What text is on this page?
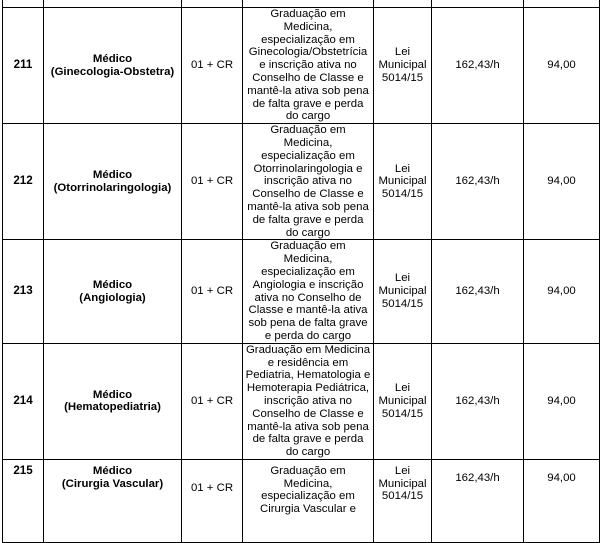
211	Médico
(Ginecologia-Obstetra)	01 + CR	Graduação em Medicina, especialização em Ginecologia/Obstetrícia e inscrição ativa no Conselho de Classe e mantê-la ativa sob pena de falta grave e perda do cargo	Lei
Municipal
5014/15	162,43/h	94,00
212	Médico
(Otorrinolaringologia)	01 + CR	Graduação em Medicina, especialização em Otorrinolaringologia e inscrição ativa no Conselho de Classe e mantê-la ativa sob pena de falta grave e perda do cargo	Lei
Municipal
5014/15	162,43/h	94,00
213	Médico
(Angiologia)	01 + CR	Graduação em Medicina, especialização em Angiologia e inscrição ativa no Conselho de Classe e mantê-la ativa sob pena de falta grave e perda do cargo	Lei
Municipal
5014/15	162,43/h	94,00
214	Médico
(Hematopediatria)	01 + CR	Graduação em Medicina e residência em Pediatria, Hematologia e Hemoterapia Pediátrica, inscrição ativa no Conselho de Classe e mantê-la ativa sob pena de falta grave e perda do cargo	Lei
Municipal
5014/15	162,43/h	94,00
215	Médico
(Cirurgia Vascular)	01 + CR	Graduação em Medicina, especialização em Cirurgia Vascular e	Lei
Municipal
5014/15	162,43/h	94,00
